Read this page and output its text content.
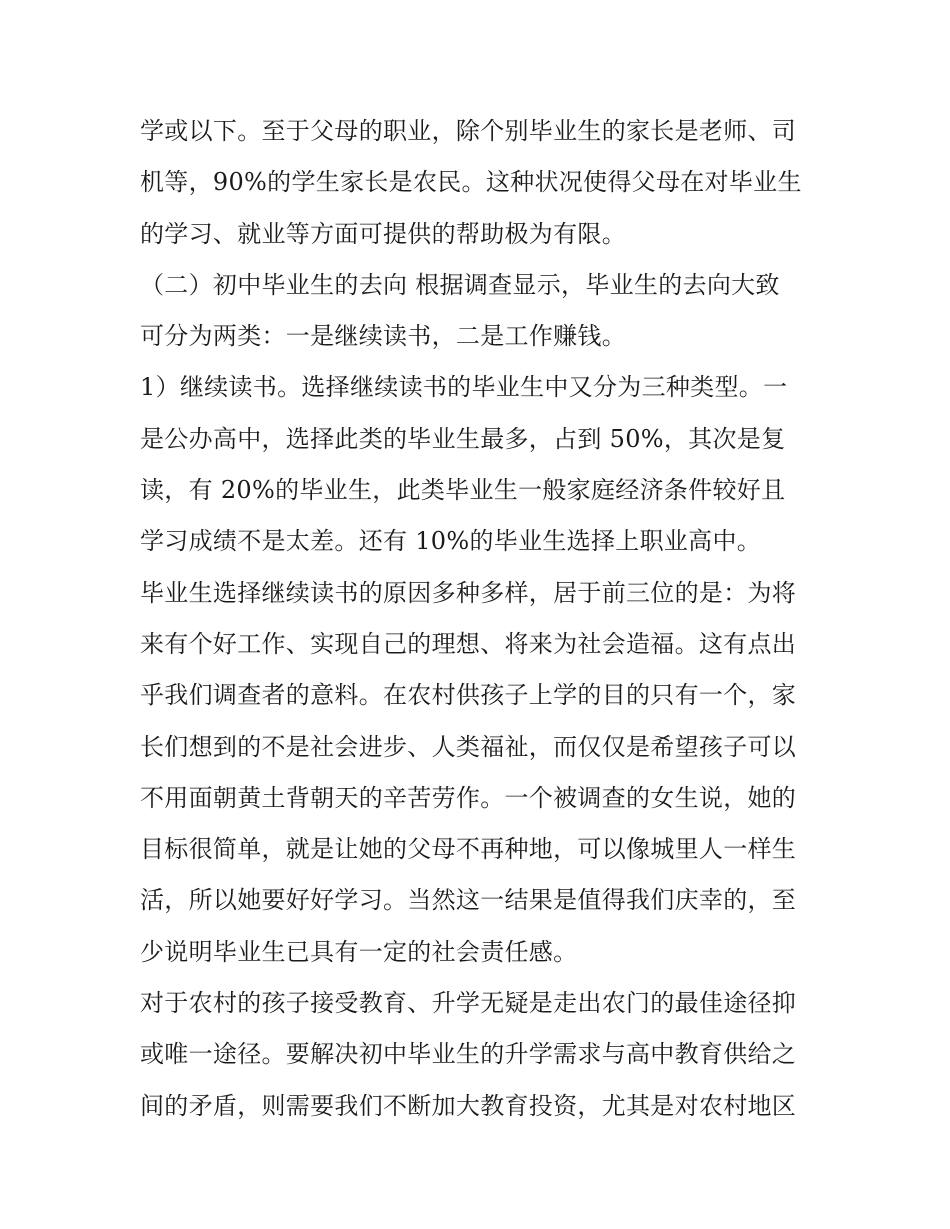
学或以下。至于父母的职业，除个别毕业生的家长是老师、司
机等，90%的学生家长是农民。这种状况使得父母在对毕业生
的学习、就业等方面可提供的帮助极为有限。
（二）初中毕业生的去向 根据调查显示，毕业生的去向大致
可分为两类：一是继续读书，二是工作赚钱。
1）继续读书。选择继续读书的毕业生中又分为三种类型。一
是公办高中，选择此类的毕业生最多，占到 50%，其次是复
读，有 20%的毕业生，此类毕业生一般家庭经济条件较好且
学习成绩不是太差。还有 10%的毕业生选择上职业高中。
毕业生选择继续读书的原因多种多样，居于前三位的是：为将
来有个好工作、实现自己的理想、将来为社会造福。这有点出
乎我们调查者的意料。在农村供孩子上学的目的只有一个，家
长们想到的不是社会进步、人类福祉，而仅仅是希望孩子可以
不用面朝黄土背朝天的辛苦劳作。一个被调查的女生说，她的
目标很简单，就是让她的父母不再种地，可以像城里人一样生
活，所以她要好好学习。当然这一结果是值得我们庆幸的，至
少说明毕业生已具有一定的社会责任感。
对于农村的孩子接受教育、升学无疑是走出农门的最佳途径抑
或唯一途径。要解决初中毕业生的升学需求与高中教育供给之
间的矛盾，则需要我们不断加大教育投资，尤其是对农村地区
